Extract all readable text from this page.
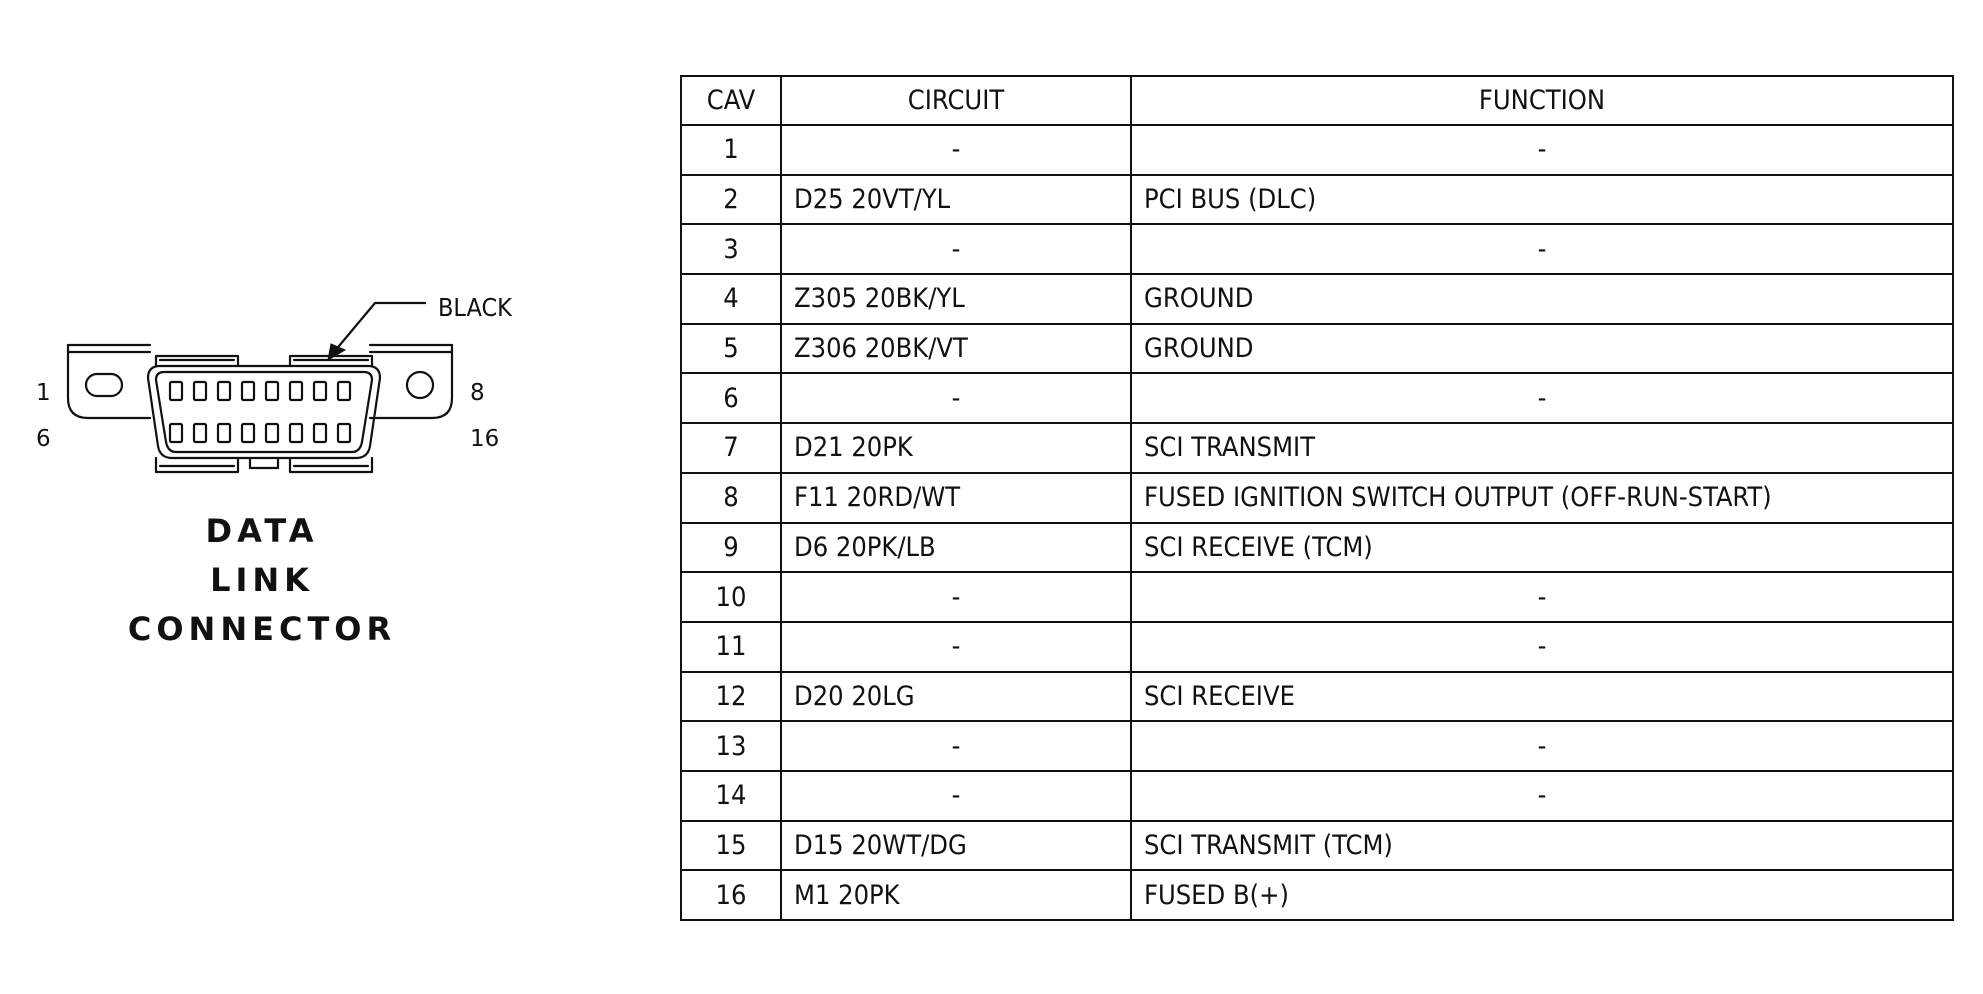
BLACK
1	8
6	16
DATA
LINK
CONNECTOR
CAV	CIRCUIT	FUNCTION
1	-	-
2	D25 20VT/YL	PCI BUS (DLC)
3	-	-
4	Z305 20BK/YL	GROUND
5	Z306 20BK/VT	GROUND
6	-	-
7	D21 20PK	SCI TRANSMIT
8	F11 20RD/WT	FUSED IGNITION SWITCH OUTPUT (OFF-RUN-START)
9	D6 20PK/LB	SCI RECEIVE (TCM)
10	-	-
11	-	-
12	D20 20LG	SCI RECEIVE
13	-	-
14	-	-
15	D15 20WT/DG	SCI TRANSMIT (TCM)
16	M1 20PK	FUSED B(+)
